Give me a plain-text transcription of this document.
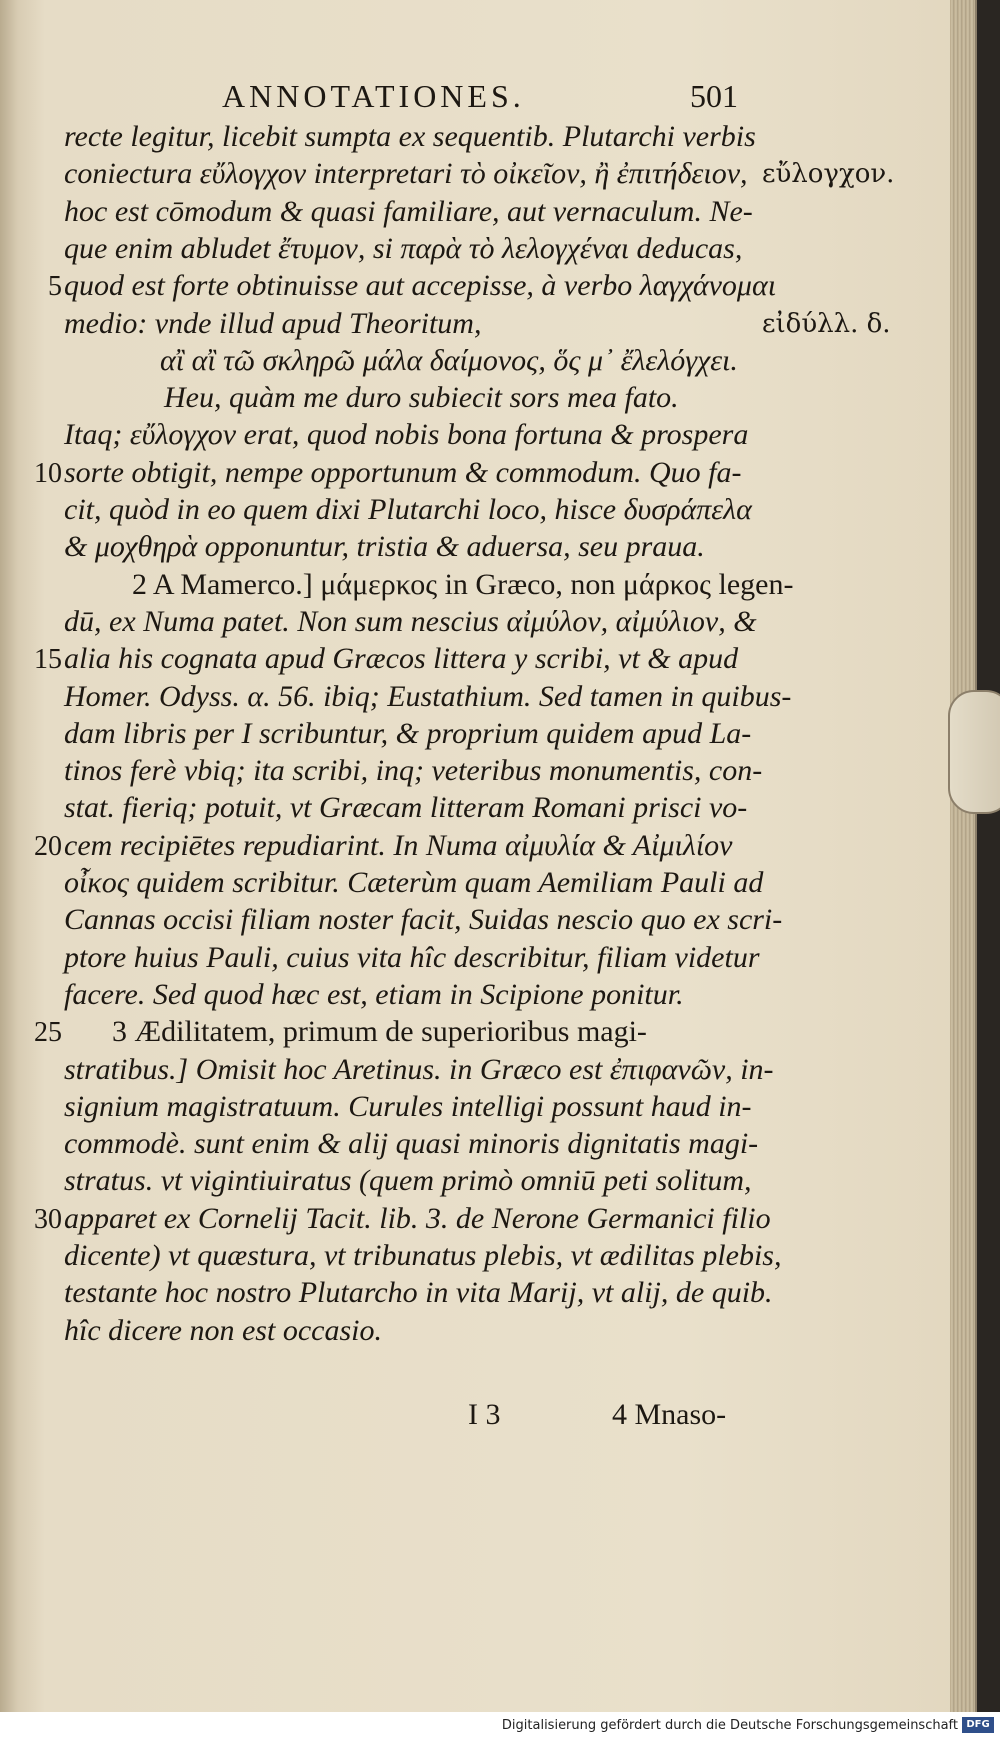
ANNOTATIONES.	501
recte legitur, licebit sumpta ex sequentib. Plutarchi verbis
coniectura εὔλογχον interpretari τὸ οἰκεῖον, ἢ ἐπιτήδειον, εὔλογχον.
hoc est cōmodum & quasi familiare, aut vernaculum. Ne-
que enim abludet ἔτυμον, si παρὰ τὸ λελογχέναι deducas,
5 quod est forte obtinuisse aut accepisse, à verbo λαγχάνομαι
medio: vnde illud apud Theoritum,	εἰδύλλ. δ.
αἲ αἲ τῶ σκληρῶ μάλα δαίμονος, ὅς μ᾽ ἔλελόγχει.
Heu, quàm me duro subiecit sors mea fato.
Itaq; εὔλογχον erat, quod nobis bona fortuna & prospera
10 sorte obtigit, nempe opportunum & commodum. Quo fa-
cit, quòd in eo quem dixi Plutarchi loco, hisce δυσράπελα
& μοχθηρὰ opponuntur, tristia & aduersa, seu praua.
2 A Mamerco.] μάμερκος in Græco, non μάρκος legen-
dū, ex Numa patet. Non sum nescius αἰμύλον, αἰμύλιον, &
15 alia his cognata apud Græcos littera y scribi, vt & apud
Homer. Odyss. α. 56. ibiq; Eustathium. Sed tamen in quibus-
dam libris per I scribuntur, & proprium quidem apud La-
tinos ferè vbiq; ita scribi, inq; veteribus monumentis, con-
stat. fieriq; potuit, vt Græcam litteram Romani prisci vo-
20 cem recipiētes repudiarint. In Numa αἰμυλία & Αἰμιλίον
οἶκος quidem scribitur. Cæterùm quam Aemiliam Pauli ad
Cannas occisi filiam noster facit, Suidas nescio quo ex scri-
ptore huius Pauli, cuius vita hîc describitur, filiam videtur
facere. Sed quod hæc est, etiam in Scipione ponitur.
25 3 Ædilitatem, primum de superioribus magi-
stratibus.] Omisit hoc Aretinus. in Græco est ἐπιφανῶν, in-
signium magistratuum. Curules intelligi possunt haud in-
commodè. sunt enim & alij quasi minoris dignitatis magi-
stratus. vt vigintiuiratus (quem primò omniū peti solitum,
30 apparet ex Cornelij Tacit. lib. 3. de Nerone Germanici filio
dicente) vt quæstura, vt tribunatus plebis, vt ædilitas plebis,
testante hoc nostro Plutarcho in vita Marij, vt alij, de quib.
hîc dicere non est occasio.
I 3	4 Mnaso-
Digitalisierung gefördert durch die Deutsche Forschungsgemeinschaft DFG
